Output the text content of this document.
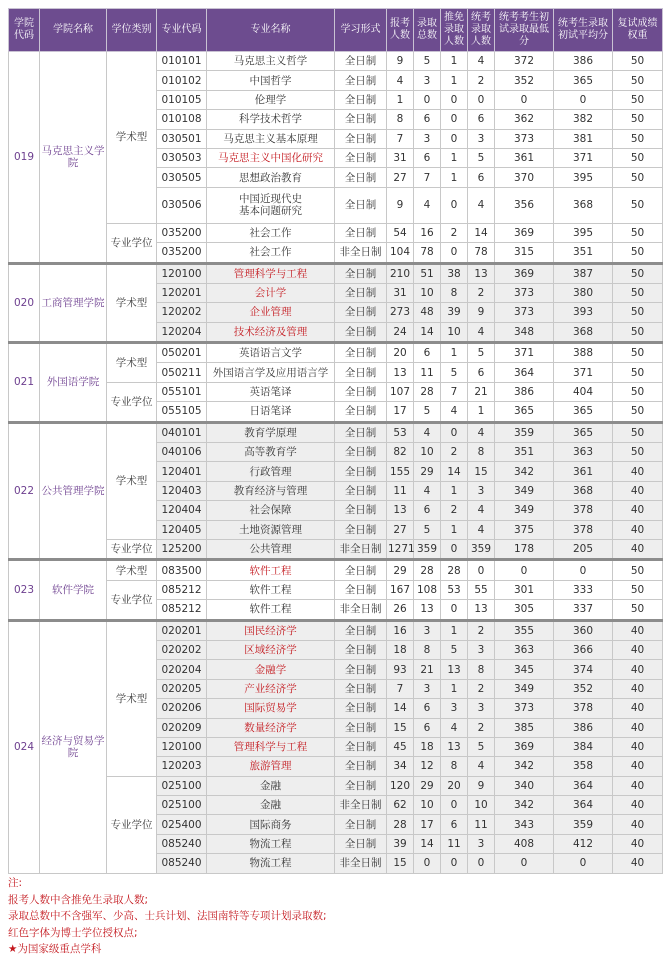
学院代码	学院名称	学位类别	专业代码	专业名称	学习形式	报考人数	录取总数	推免录取人数	统考录取人数	统考考生初试录取最低分	统考生录取初试平均分	复试成绩权重
019	马克思主义学院	学术型	010101	马克思主义哲学	全日制	9	5	1	4	372	386	50
			010102	中国哲学	全日制	4	3	1	2	352	365	50
			010105	伦理学	全日制	1	0	0	0	0	0	50
			010108	科学技术哲学	全日制	8	6	0	6	362	382	50
			030501	马克思主义基本原理	全日制	7	3	0	3	373	381	50
			030503	马克思主义中国化研究	全日制	31	6	1	5	361	371	50
			030505	思想政治教育	全日制	27	7	1	6	370	395	50
			030506	中国近现代史
基本问题研究	全日制	9	4	0	4	356	368	50
		专业学位	035200	社会工作	全日制	54	16	2	14	369	395	50
			035200	社会工作	非全日制	104	78	0	78	315	351	50
020	工商管理学院	学术型	120100	管理科学与工程	全日制	210	51	38	13	369	387	50
			120201	会计学	全日制	31	10	8	2	373	380	50
			120202	企业管理	全日制	273	48	39	9	373	393	50
			120204	技术经济及管理	全日制	24	14	10	4	348	368	50
021	外国语学院	学术型	050201	英语语言文学	全日制	20	6	1	5	371	388	50
			050211	外国语言学及应用语言学	全日制	13	11	5	6	364	371	50
		专业学位	055101	英语笔译	全日制	107	28	7	21	386	404	50
			055105	日语笔译	全日制	17	5	4	1	365	365	50
022	公共管理学院	学术型	040101	教育学原理	全日制	53	4	0	4	359	365	50
			040106	高等教育学	全日制	82	10	2	8	351	363	50
			120401	行政管理	全日制	155	29	14	15	342	361	40
			120403	教育经济与管理	全日制	11	4	1	3	349	368	40
			120404	社会保障	全日制	13	6	2	4	349	378	40
			120405	土地资源管理	全日制	27	5	1	4	375	378	40
		专业学位	125200	公共管理	非全日制	1271	359	0	359	178	205	40
023	软件学院	学术型	083500	软件工程	全日制	29	28	28	0	0	0	50
		专业学位	085212	软件工程	全日制	167	108	53	55	301	333	50
			085212	软件工程	非全日制	26	13	0	13	305	337	50
024	经济与贸易学院	学术型	020201	国民经济学	全日制	16	3	1	2	355	360	40
			020202	区域经济学	全日制	18	8	5	3	363	366	40
			020204	金融学	全日制	93	21	13	8	345	374	40
			020205	产业经济学	全日制	7	3	1	2	349	352	40
			020206	国际贸易学	全日制	14	6	3	3	373	378	40
			020209	数量经济学	全日制	15	6	4	2	385	386	40
			120100	管理科学与工程	全日制	45	18	13	5	369	384	40
			120203	旅游管理	全日制	34	12	8	4	342	358	40
		专业学位	025100	金融	全日制	120	29	20	9	340	364	40
			025100	金融	非全日制	62	10	0	10	342	364	40
			025400	国际商务	全日制	28	17	6	11	343	359	40
			085240	物流工程	全日制	39	14	11	3	408	412	40
			085240	物流工程	非全日制	15	0	0	0	0	0	40
注:
报考人数中含推免生录取人数;
录取总数中不含强军、少高、士兵计划、法国南特等专项计划录取数;
红色字体为博士学位授权点;
★为国家级重点学科
